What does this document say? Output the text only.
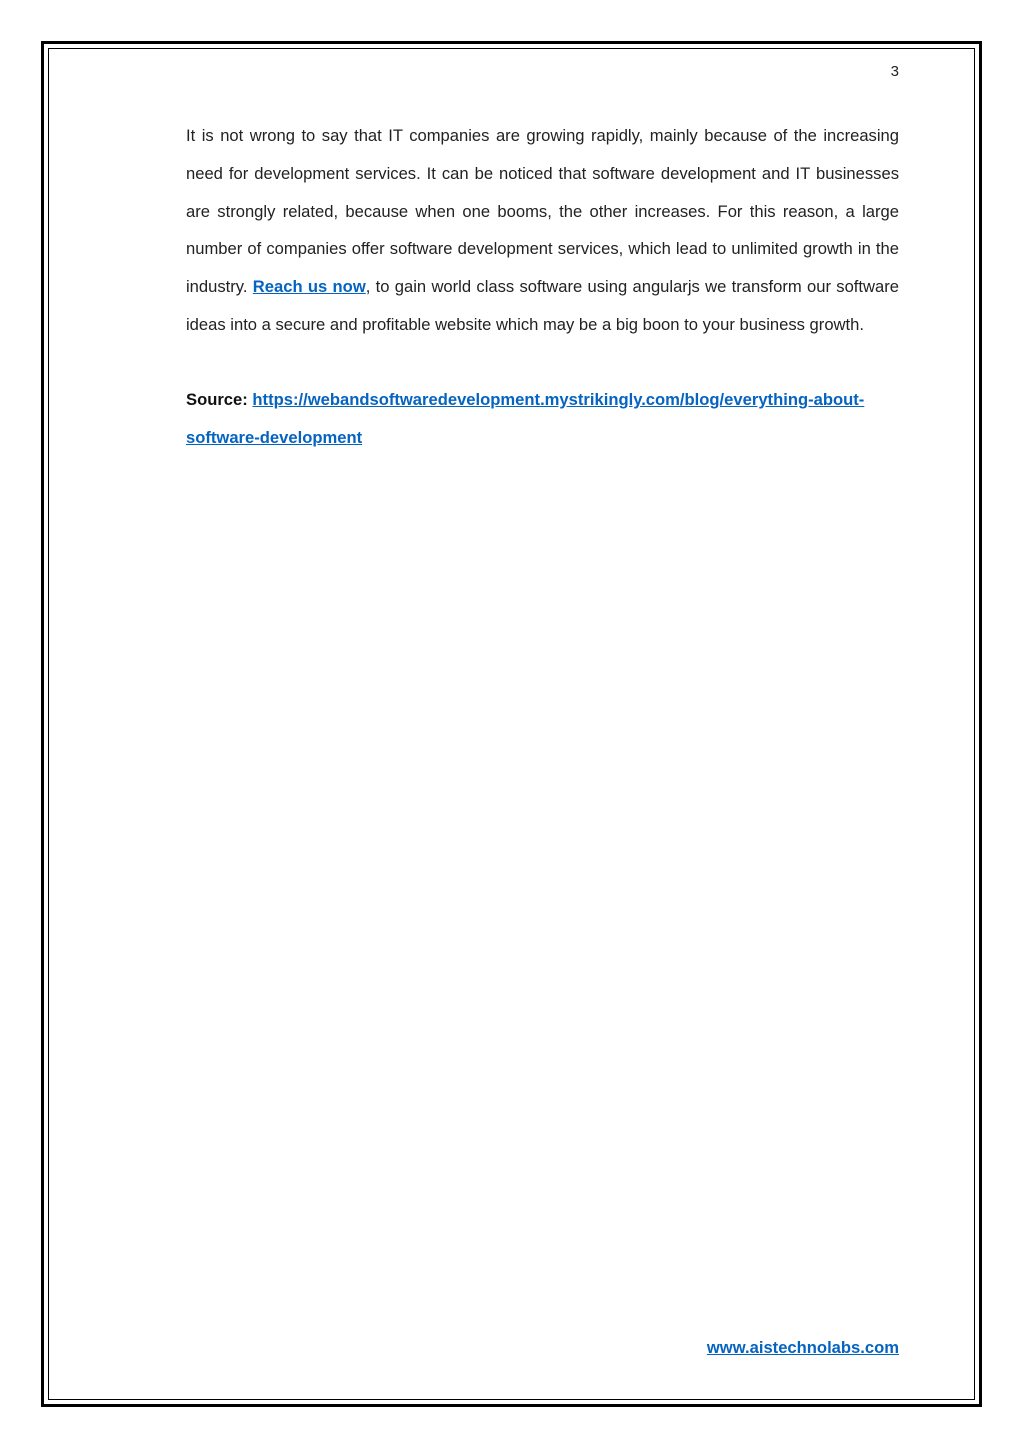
3

It is not wrong to say that IT companies are growing rapidly, mainly because of the increasing need for development services. It can be noticed that software development and IT businesses are strongly related, because when one booms, the other increases. For this reason, a large number of companies offer software development services, which lead to unlimited growth in the industry. Reach us now, to gain world class software using angularjs we transform our software ideas into a secure and profitable website which may be a big boon to your business growth.

Source: https://webandsoftwaredevelopment.mystrikingly.com/blog/everything-about-software-development

www.aistechnolabs.com
